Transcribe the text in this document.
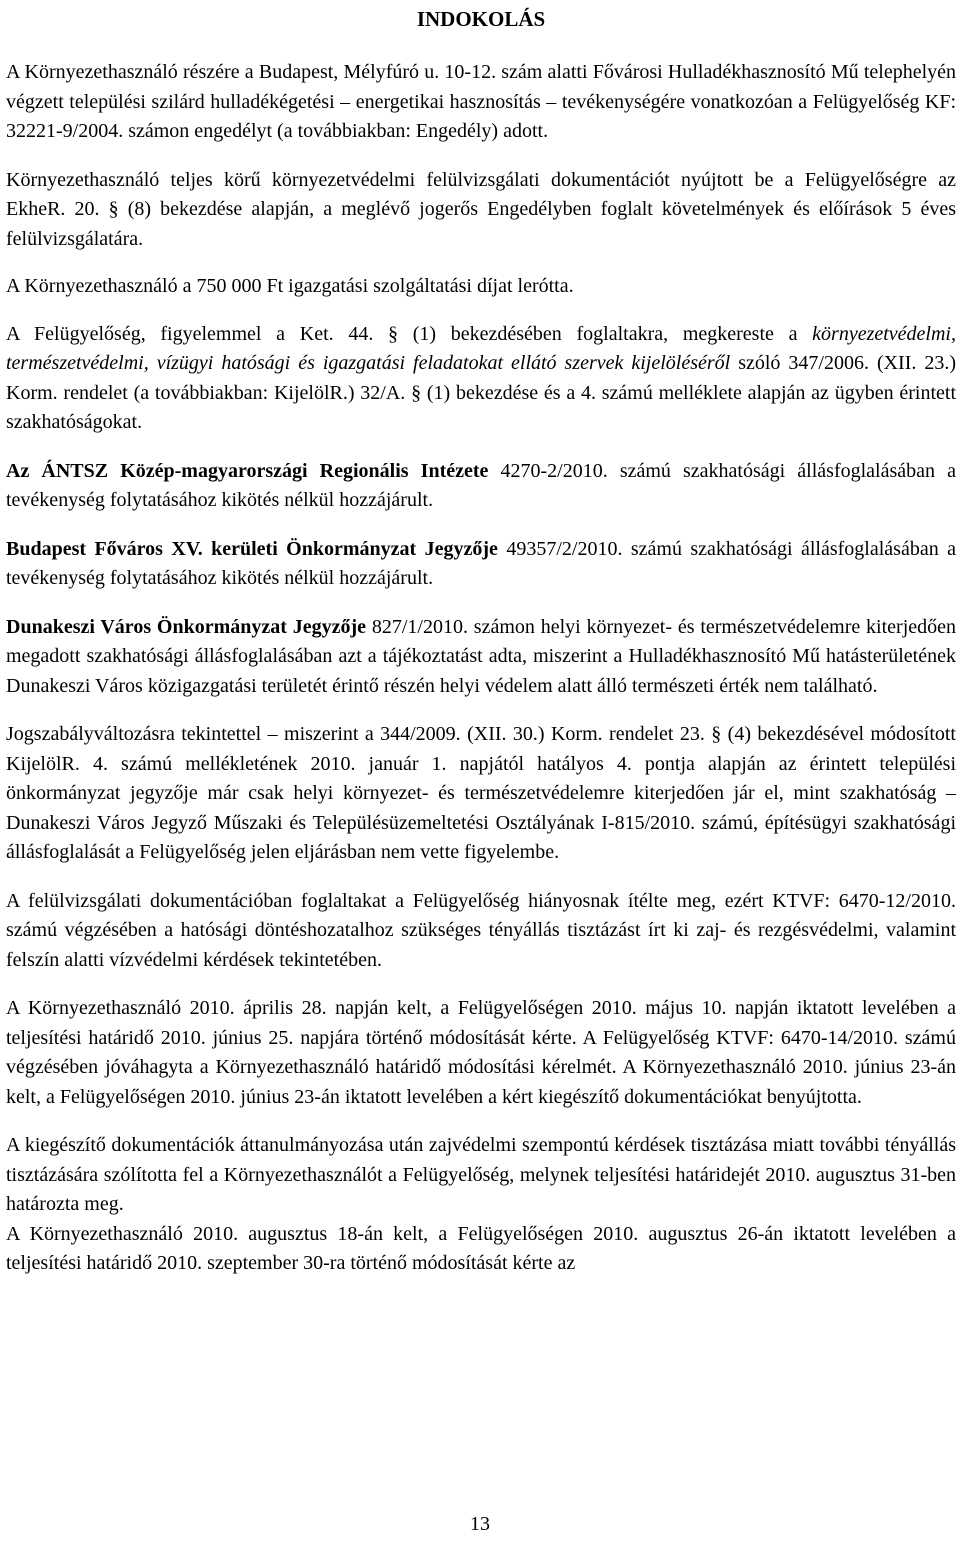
INDOKOLÁS

A Környezethasználó részére a Budapest, Mélyfúró u. 10-12. szám alatti Fővárosi Hulladékhasznosító Mű telephelyén végzett települési szilárd hulladékégetési – energetikai hasznosítás – tevékenységére vonatkozóan a Felügyelőség KF: 32221-9/2004. számon engedélyt (a továbbiakban: Engedély) adott.

Környezethasználó teljes körű környezetvédelmi felülvizsgálati dokumentációt nyújtott be a Felügyelőségre az EkheR. 20. § (8) bekezdése alapján, a meglévő jogerős Engedélyben foglalt követelmények és előírások 5 éves felülvizsgálatára.

A Környezethasználó a 750 000 Ft igazgatási szolgáltatási díjat lerótta.

A Felügyelőség, figyelemmel a Ket. 44. § (1) bekezdésében foglaltakra, megkereste a környezetvédelmi, természetvédelmi, vízügyi hatósági és igazgatási feladatokat ellátó szervek kijelöléséről szóló 347/2006. (XII. 23.) Korm. rendelet (a továbbiakban: KijelölR.) 32/A. § (1) bekezdése és a 4. számú melléklete alapján az ügyben érintett szakhatóságokat.

Az ÁNTSZ Közép-magyarországi Regionális Intézete 4270-2/2010. számú szakhatósági állásfoglalásában a tevékenység folytatásához kikötés nélkül hozzájárult.

Budapest Főváros XV. kerületi Önkormányzat Jegyzője 49357/2/2010. számú szakhatósági állásfoglalásában a tevékenység folytatásához kikötés nélkül hozzájárult.

Dunakeszi Város Önkormányzat Jegyzője 827/1/2010. számon helyi környezet- és természetvédelemre kiterjedően megadott szakhatósági állásfoglalásában azt a tájékoztatást adta, miszerint a Hulladékhasznosító Mű hatásterületének Dunakeszi Város közigazgatási területét érintő részén helyi védelem alatt álló természeti érték nem található.

Jogszabályváltozásra tekintettel – miszerint a 344/2009. (XII. 30.) Korm. rendelet 23. § (4) bekezdésével módosított KijelölR. 4. számú mellékletének 2010. január 1. napjától hatályos 4. pontja alapján az érintett települési önkormányzat jegyzője már csak helyi környezet- és természetvédelemre kiterjedően jár el, mint szakhatóság – Dunakeszi Város Jegyző Műszaki és Településüzemeltetési Osztályának I-815/2010. számú, építésügyi szakhatósági állásfoglalását a Felügyelőség jelen eljárásban nem vette figyelembe.

A felülvizsgálati dokumentációban foglaltakat a Felügyelőség hiányosnak ítélte meg, ezért KTVF: 6470-12/2010. számú végzésében a hatósági döntéshozatalhoz szükséges tényállás tisztázást írt ki zaj- és rezgésvédelmi, valamint felszín alatti vízvédelmi kérdések tekintetében.

A Környezethasználó 2010. április 28. napján kelt, a Felügyelőségen 2010. május 10. napján iktatott levelében a teljesítési határidő 2010. június 25. napjára történő módosítását kérte. A Felügyelőség KTVF: 6470-14/2010. számú végzésében jóváhagyta a Környezethasználó határidő módosítási kérelmét. A Környezethasználó 2010. június 23-án kelt, a Felügyelőségen 2010. június 23-án iktatott levelében a kért kiegészítő dokumentációkat benyújtotta.

A kiegészítő dokumentációk áttanulmányozása után zajvédelmi szempontú kérdések tisztázása miatt további tényállás tisztázására szólította fel a Környezethasználót a Felügyelőség, melynek teljesítési határidejét 2010. augusztus 31-ben határozta meg.

A Környezethasználó 2010. augusztus 18-án kelt, a Felügyelőségen 2010. augusztus 26-án iktatott levelében a teljesítési határidő 2010. szeptember 30-ra történő módosítását kérte az

13
